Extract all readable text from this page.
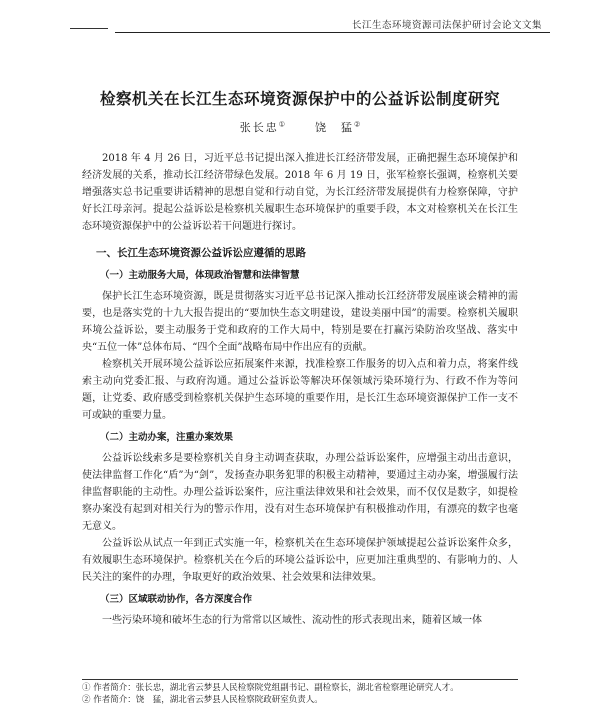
长江生态环境资源司法保护研讨会论文文集
检察机关在长江生态环境资源保护中的公益诉讼制度研究
张长忠①	饶　猛②

2018 年 4 月 26 日，习近平总书记提出深入推进长江经济带发展，正确把握生态环境保护和经济发展的关系，推动长江经济带绿色发展。2018 年 6 月 19 日，张军检察长强调，检察机关要增强落实总书记重要讲话精神的思想自觉和行动自觉，为长江经济带发展提供有力检察保障，守护好长江母亲河。提起公益诉讼是检察机关履职生态环境保护的重要手段，本文对检察机关在长江生态环境资源保护中的公益诉讼若干问题进行探讨。

一、长江生态环境资源公益诉讼应遵循的思路
（一）主动服务大局，体现政治智慧和法律智慧

保护长江生态环境资源，既是贯彻落实习近平总书记深入推动长江经济带发展座谈会精神的需要，也是落实党的十九大报告提出的“要加快生态文明建设，建设美丽中国”的需要。检察机关履职环境公益诉讼，要主动服务于党和政府的工作大局中，特别是要在打赢污染防治攻坚战、落实中央“五位一体”总体布局、“四个全面”战略布局中作出应有的贡献。

检察机关开展环境公益诉讼应拓展案件来源，找准检察工作服务的切入点和着力点，将案件线索主动向党委汇报、与政府沟通。通过公益诉讼等解决环保领域污染环境行为、行政不作为等问题，让党委、政府感受到检察机关保护生态环境的重要作用，是长江生态环境资源保护工作一支不可或缺的重要力量。

（二）主动办案，注重办案效果

公益诉讼线索多是要检察机关自身主动调查获取，办理公益诉讼案件，应增强主动出击意识，使法律监督工作化“盾”为“剑”，发扬查办职务犯罪的积极主动精神，要通过主动办案，增强履行法律监督职能的主动性。办理公益诉讼案件，应注重法律效果和社会效果，而不仅仅是数字，如提检察办案没有起到对相关行为的警示作用，没有对生态环境保护有积极推动作用，有漂亮的数字也毫无意义。

公益诉讼从试点一年到正式实施一年，检察机关在生态环境保护领域提起公益诉讼案件众多，有效履职生态环境保护。检察机关在今后的环境公益诉讼中，应更加注重典型的、有影响力的、人民关注的案件的办理，争取更好的政治效果、社会效果和法律效果。

（三）区域联动协作，各方深度合作

一些污染环境和破坏生态的行为常常以区域性、流动性的形式表现出来，随着区域一体

① 作者简介：张长忠，湖北省云梦县人民检察院党组副书记、副检察长，湖北省检察理论研究人才。
② 作者简介：饶　猛，湖北省云梦县人民检察院政研室负责人。
